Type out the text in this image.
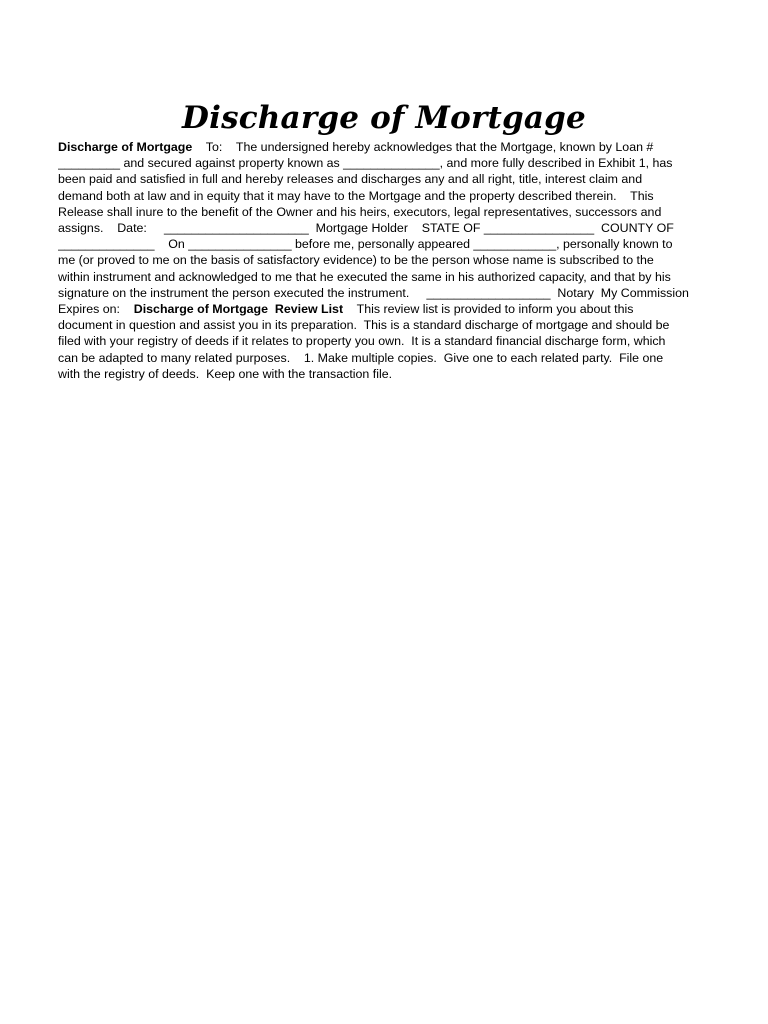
Discharge of Mortgage
Discharge of Mortgage    To:    The undersigned hereby acknowledges that the Mortgage, known by Loan #
_________ and secured against property known as ______________, and more fully described in Exhibit 1, has
been paid and satisfied in full and hereby releases and discharges any and all right, title, interest claim and
demand both at law and in equity that it may have to the Mortgage and the property described therein.    This
Release shall inure to the benefit of the Owner and his heirs, executors, legal representatives, successors and
assigns.    Date:     _____________________  Mortgage Holder    STATE OF ________________  COUNTY OF
______________    On _______________ before me, personally appeared ____________, personally known to
me (or proved to me on the basis of satisfactory evidence) to be the person whose name is subscribed to the
within instrument and acknowledged to me that he executed the same in his authorized capacity, and that by his
signature on the instrument the person executed the instrument.     __________________  Notary  My Commission
Expires on:    Discharge of Mortgage  Review List    This review list is provided to inform you about this
document in question and assist you in its preparation.  This is a standard discharge of mortgage and should be
filed with your registry of deeds if it relates to property you own.  It is a standard financial discharge form, which
can be adapted to many related purposes.    1. Make multiple copies.  Give one to each related party.  File one
with the registry of deeds.  Keep one with the transaction file.
